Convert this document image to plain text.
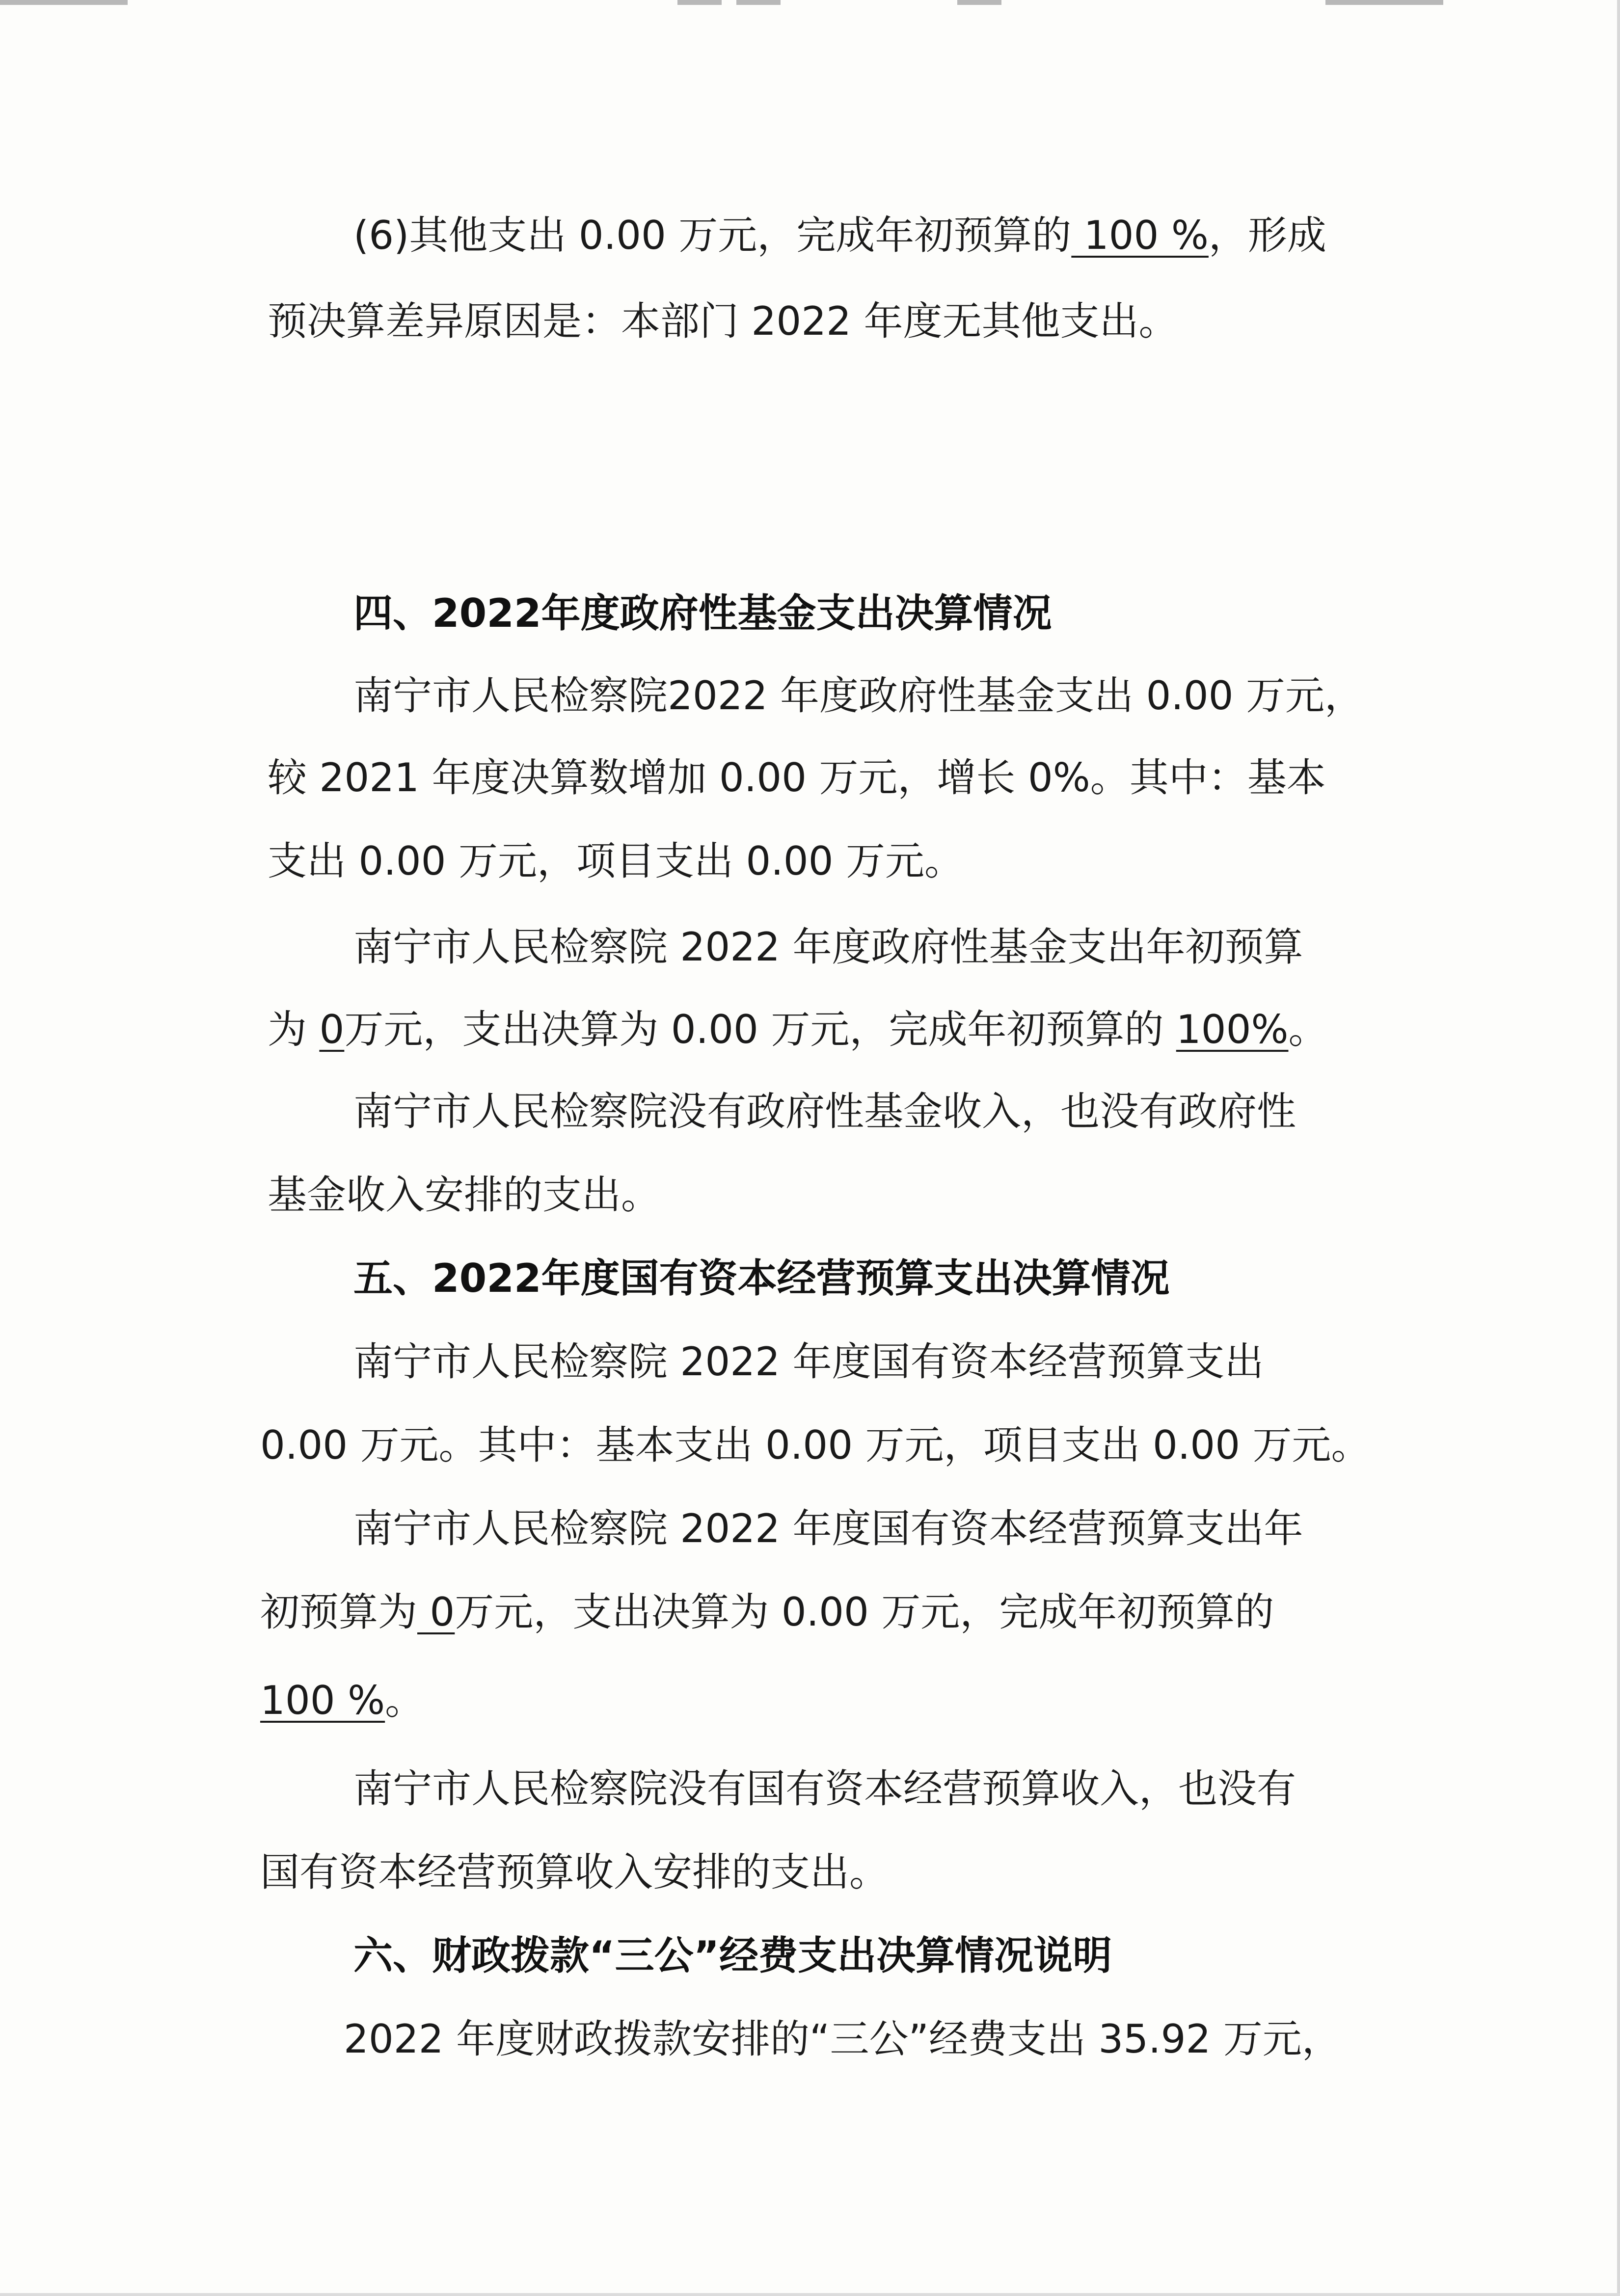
(6)其他支出 0.00 万元，完成年初预算的 100 %，形成
预决算差异原因是：本部门 2022 年度无其他支出。
四、2022年度政府性基金支出决算情况
南宁市人民检察院2022 年度政府性基金支出 0.00 万元，
较 2021 年度决算数增加 0.00 万元，增长 0%。其中：基本
支出 0.00 万元，项目支出 0.00 万元。
南宁市人民检察院 2022 年度政府性基金支出年初预算
为 0万元，支出决算为 0.00 万元，完成年初预算的 100%。
南宁市人民检察院没有政府性基金收入，也没有政府性
基金收入安排的支出。
五、2022年度国有资本经营预算支出决算情况
南宁市人民检察院 2022 年度国有资本经营预算支出
0.00 万元。其中：基本支出 0.00 万元，项目支出 0.00 万元。
南宁市人民检察院 2022 年度国有资本经营预算支出年
初预算为 0万元，支出决算为 0.00 万元，完成年初预算的
100 %。
南宁市人民检察院没有国有资本经营预算收入，也没有
国有资本经营预算收入安排的支出。
六、财政拨款“三公”经费支出决算情况说明
2022 年度财政拨款安排的“三公”经费支出 35.92 万元，
